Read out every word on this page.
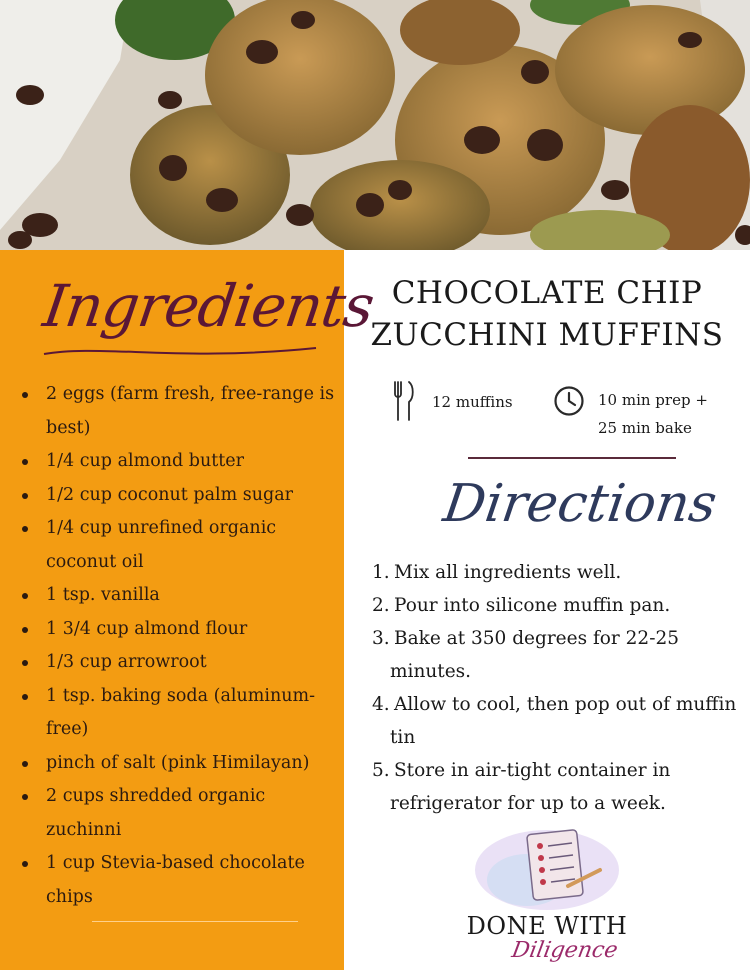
Ingredients
2 eggs (farm fresh, free-range is best)
1/4 cup almond butter
1/2 cup coconut palm sugar
1/4 cup unrefined organic coconut oil
1 tsp. vanilla
1 3/4 cup almond flour
1/3 cup arrowroot
1 tsp. baking soda (aluminum-free)
pinch of salt (pink Himilayan)
2 cups shredded organic zuchinni
1 cup Stevia-based chocolate chips
CHOCOLATE CHIP
ZUCCHINI MUFFINS
12 muffins	10 min prep +
25 min bake
Directions
1. Mix all ingredients well.
2. Pour into silicone muffin pan.
3. Bake at 350 degrees for 22-25 minutes.
4. Allow to cool, then pop out of muffin tin
5. Store in air-tight container in refrigerator for up to a week.
DONE WITH
Diligence
